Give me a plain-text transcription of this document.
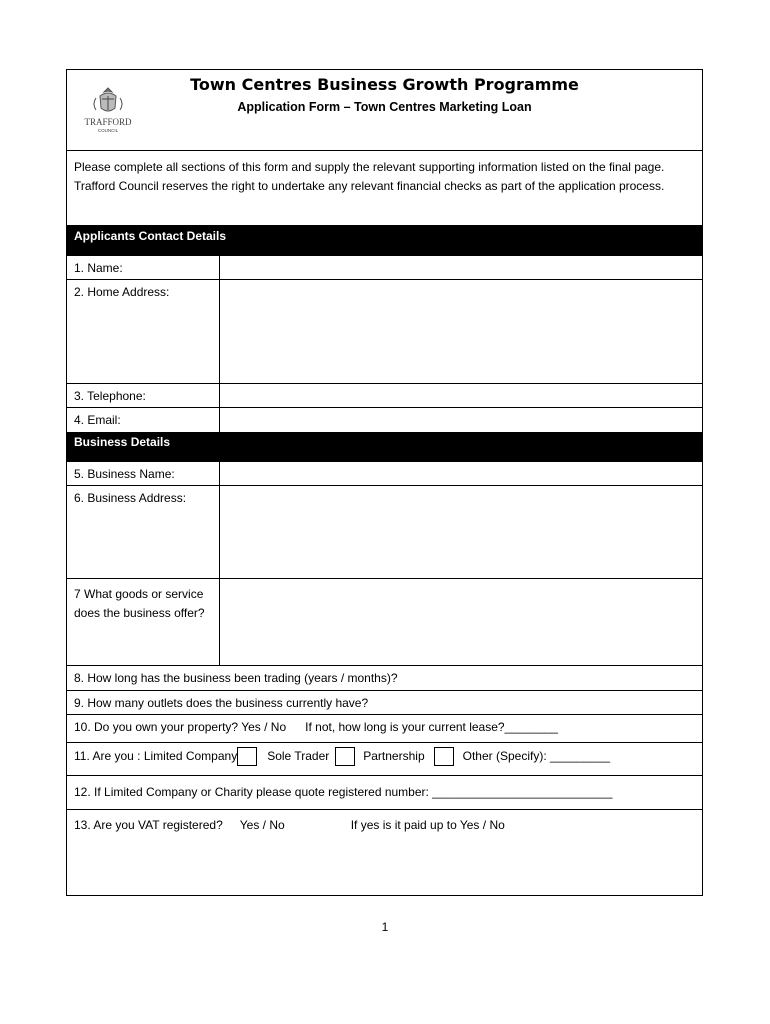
TRAFFORD
COUNCIL
Town Centres Business Growth Programme
Application Form – Town Centres Marketing Loan
Please complete all sections of this form and supply the relevant supporting information listed on the final page. Trafford Council reserves the right to undertake any relevant financial checks as part of the application process.
Applicants Contact Details
1. Name:
2. Home Address:
3. Telephone:
4. Email:
Business Details
5. Business Name:
6. Business Address:
7 What goods or service does the business offer?
8. How long has the business been trading (years / months)?
9. How many outlets does the business currently have?
10. Do you own your property? Yes / No If not, how long is your current lease?________
11. Are you : Limited Company	Sole Trader	Partnership	Other (Specify): _________
12. If Limited Company or Charity please quote registered number: ___________________________
13. Are you VAT registered? Yes / No	If yes is it paid up to Yes / No
1
